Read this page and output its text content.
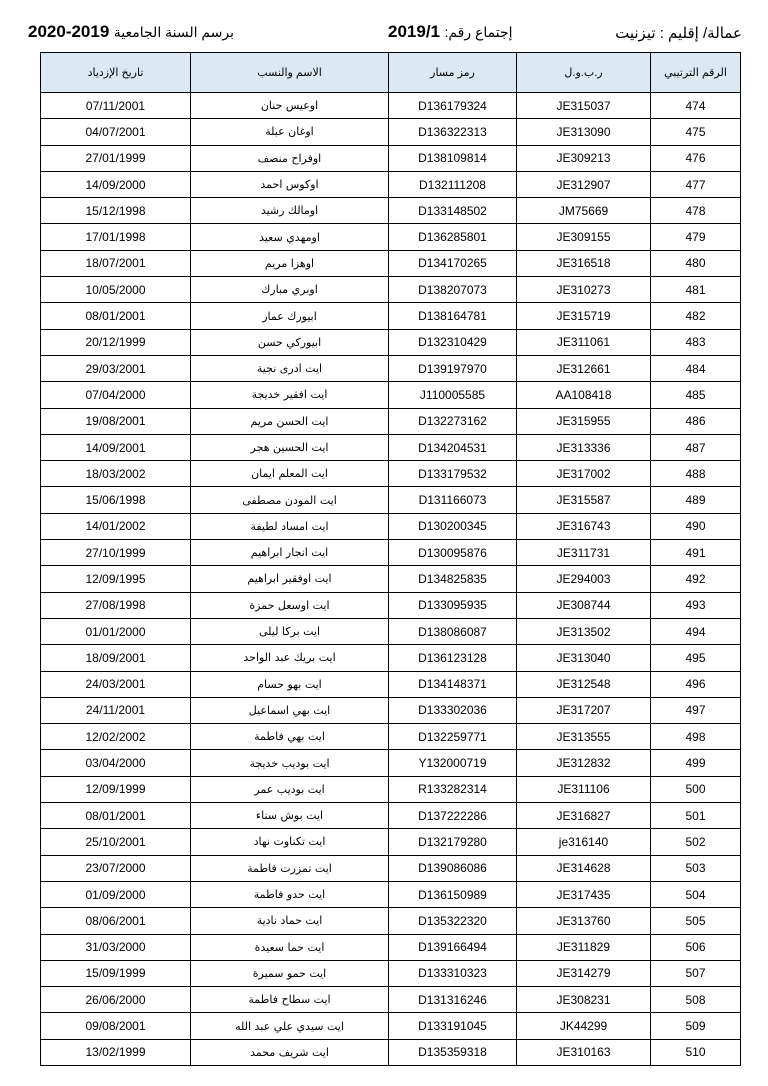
عمالة/ إقليم : تيزنيت
2019/1 إجتماع رقم:
2020-2019 برسم السنة الجامعية
تاريخ الإزدياد	الاسم والنسب	رمز مسار	ر.ب.و.ل	الرقم الترتيبي
07/11/2001	اوعيس حنان	D136179324	JE315037	474
04/07/2001	اوغان عبلة	D136322313	JE313090	475
27/01/1999	اوفراح منصف	D138109814	JE309213	476
14/09/2000	اوكوس احمد	D132111208	JE312907	477
15/12/1998	اومالك رشيد	D133148502	JM75669	478
17/01/1998	اومهدي سعيد	D136285801	JE309155	479
18/07/2001	اوهزا مريم	D134170265	JE316518	480
10/05/2000	اوبري مبارك	D138207073	JE310273	481
08/01/2001	ابيورك عمار	D138164781	JE315719	482
20/12/1999	ابيوركي حسن	D132310429	JE311061	483
29/03/2001	ايت ادرى نجية	D139197970	JE312661	484
07/04/2000	ايت افقير خديجة	J110005585	AA108418	485
19/08/2001	ايت الحسن مريم	D132273162	JE315955	486
14/09/2001	ايت الحسين هجر	D134204531	JE313336	487
18/03/2002	ايت المعلم ايمان	D133179532	JE317002	488
15/06/1998	ايت المودن مصطفى	D131166073	JE315587	489
14/01/2002	ايت امساد لطيفة	D130200345	JE316743	490
27/10/1999	ايت انجار ابراهيم	D130095876	JE311731	491
12/09/1995	ايت اوفقير ابراهيم	D134825835	JE294003	492
27/08/1998	ايت اوسعل حمزة	D133095935	JE308744	493
01/01/2000	ايت بركا ليلى	D138086087	JE313502	494
18/09/2001	ايت بريك عبد الواحد	D136123128	JE313040	495
24/03/2001	ايت بهو حسام	D134148371	JE312548	496
24/11/2001	ايت بهي اسماعيل	D133302036	JE317207	497
12/02/2002	ايت بهي فاطمة	D132259771	JE313555	498
03/04/2000	ايت بوديب خديجة	Y132000719	JE312832	499
12/09/1999	ايت بوديب عمر	R133282314	JE311106	500
08/01/2001	ايت بوش سناء	D137222286	JE316827	501
25/10/2001	ايت تكناوت نهاد	D132179280	je316140	502
23/07/2000	ايت تمزرت فاطمة	D139086086	JE314628	503
01/09/2000	ايت حدو فاطمة	D136150989	JE317435	504
08/06/2001	ايت حماد نادية	D135322320	JE313760	505
31/03/2000	ايت حما سعيدة	D139166494	JE311829	506
15/09/1999	ايت حمو سميرة	D133310323	JE314279	507
26/06/2000	ايت سطاح فاطمة	D131316246	JE308231	508
09/08/2001	ايت سيدي علي عبد الله	D133191045	JK44299	509
13/02/1999	ايت شريف محمد	D135359318	JE310163	510
